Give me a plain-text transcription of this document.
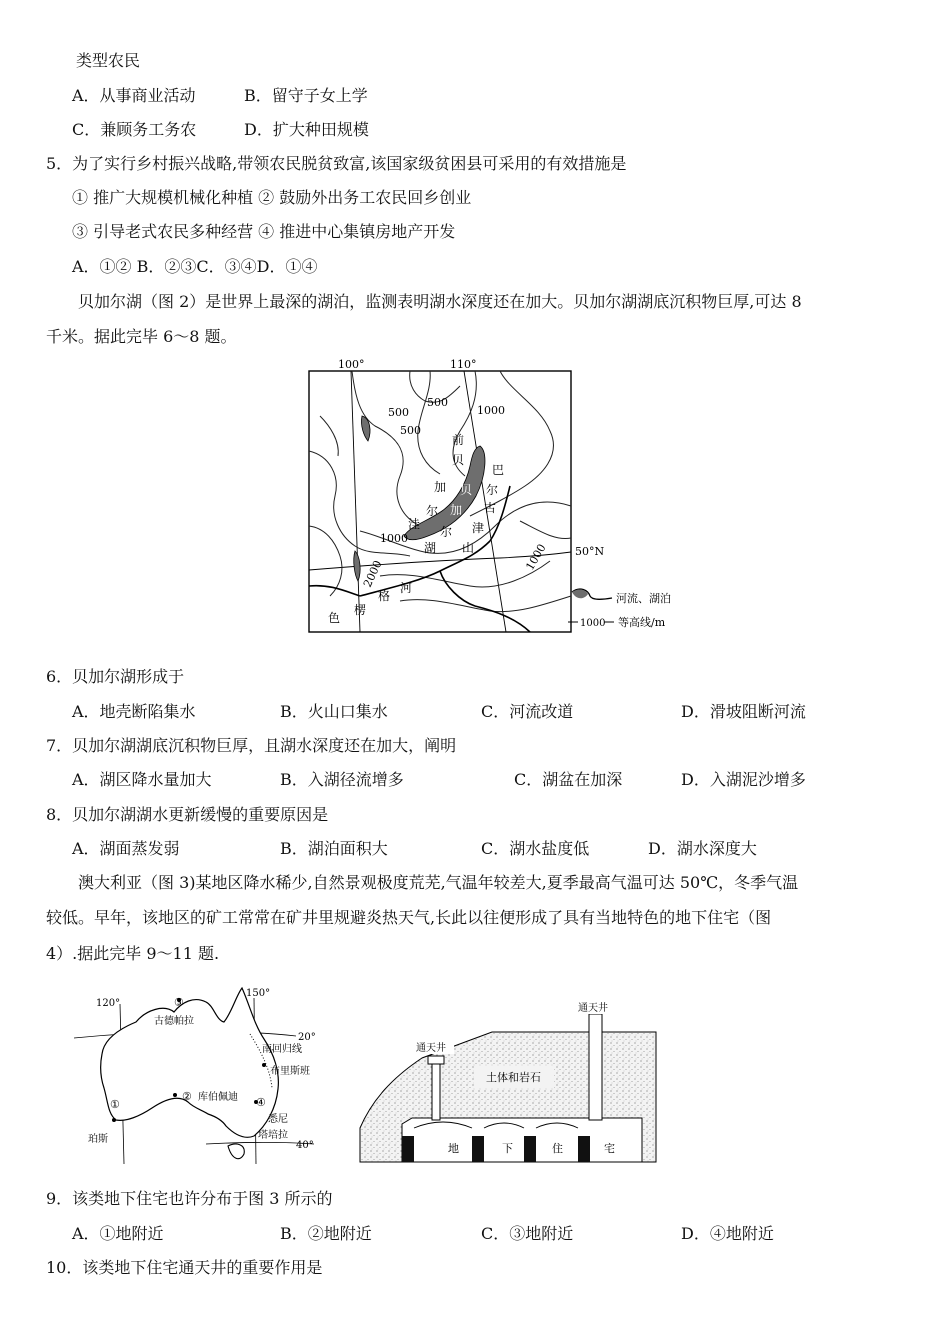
类型农民
A．从事商业活动	B．留守子女上学
C．兼顾务工务农	D．扩大种田规模
5．为了实行乡村振兴战略,带领农民脱贫致富,该国家级贫困县可采用的有效措施是
① 推广大规模机械化种植 ② 鼓励外出务工农民回乡创业
③ 引导老式农民多种经营 ④ 推进中心集镇房地产开发
A．①② B．②③C．③④D．①④
贝加尔湖（图 2）是世界上最深的湖泊，监测表明湖水深度还在加大。贝加尔湖湖底沉积物巨厚,可达 8
千米。据此完毕 6～8 题。
100°	110°
50°N
500
500
500
1000
1000
1000
2000
前
贝
加
尔
贝
加
尔
湖
巴
尔
古
津
山
洼
色
楞
格
河
河流、湖泊
1000 等高线/m
6．贝加尔湖形成于
A．地壳断陷集水	B．火山口集水	C．河流改道	D．滑坡阻断河流
7．贝加尔湖湖底沉积物巨厚，且湖水深度还在加大，阐明
A．湖区降水量加大	B．入湖径流增多	C．湖盆在加深	D．入湖泥沙增多
8．贝加尔湖湖水更新缓慢的重要原因是
A．湖面蒸发弱	B．湖泊面积大	C．湖水盐度低	D．湖水深度大
澳大利亚（图 3)某地区降水稀少,自然景观极度荒芜,气温年较差大,夏季最高气温可达 50℃，冬季气温
较低。早年，该地区的矿工常常在矿井里规避炎热天气,长此以往便形成了具有当地特色的地下住宅（图
4）.据此完毕 9～11 题.
120°
150°
20°
40°
南回归线
③
古德帕拉
② 库伯佩迪
布里斯班
④
悉尼
塔培拉
①
珀斯
通天井
通天井
土体和岩石
地	下	住	宅
9．该类地下住宅也许分布于图 3 所示的
A．①地附近	B．②地附近	C．③地附近	D．④地附近
10．该类地下住宅通天井的重要作用是
